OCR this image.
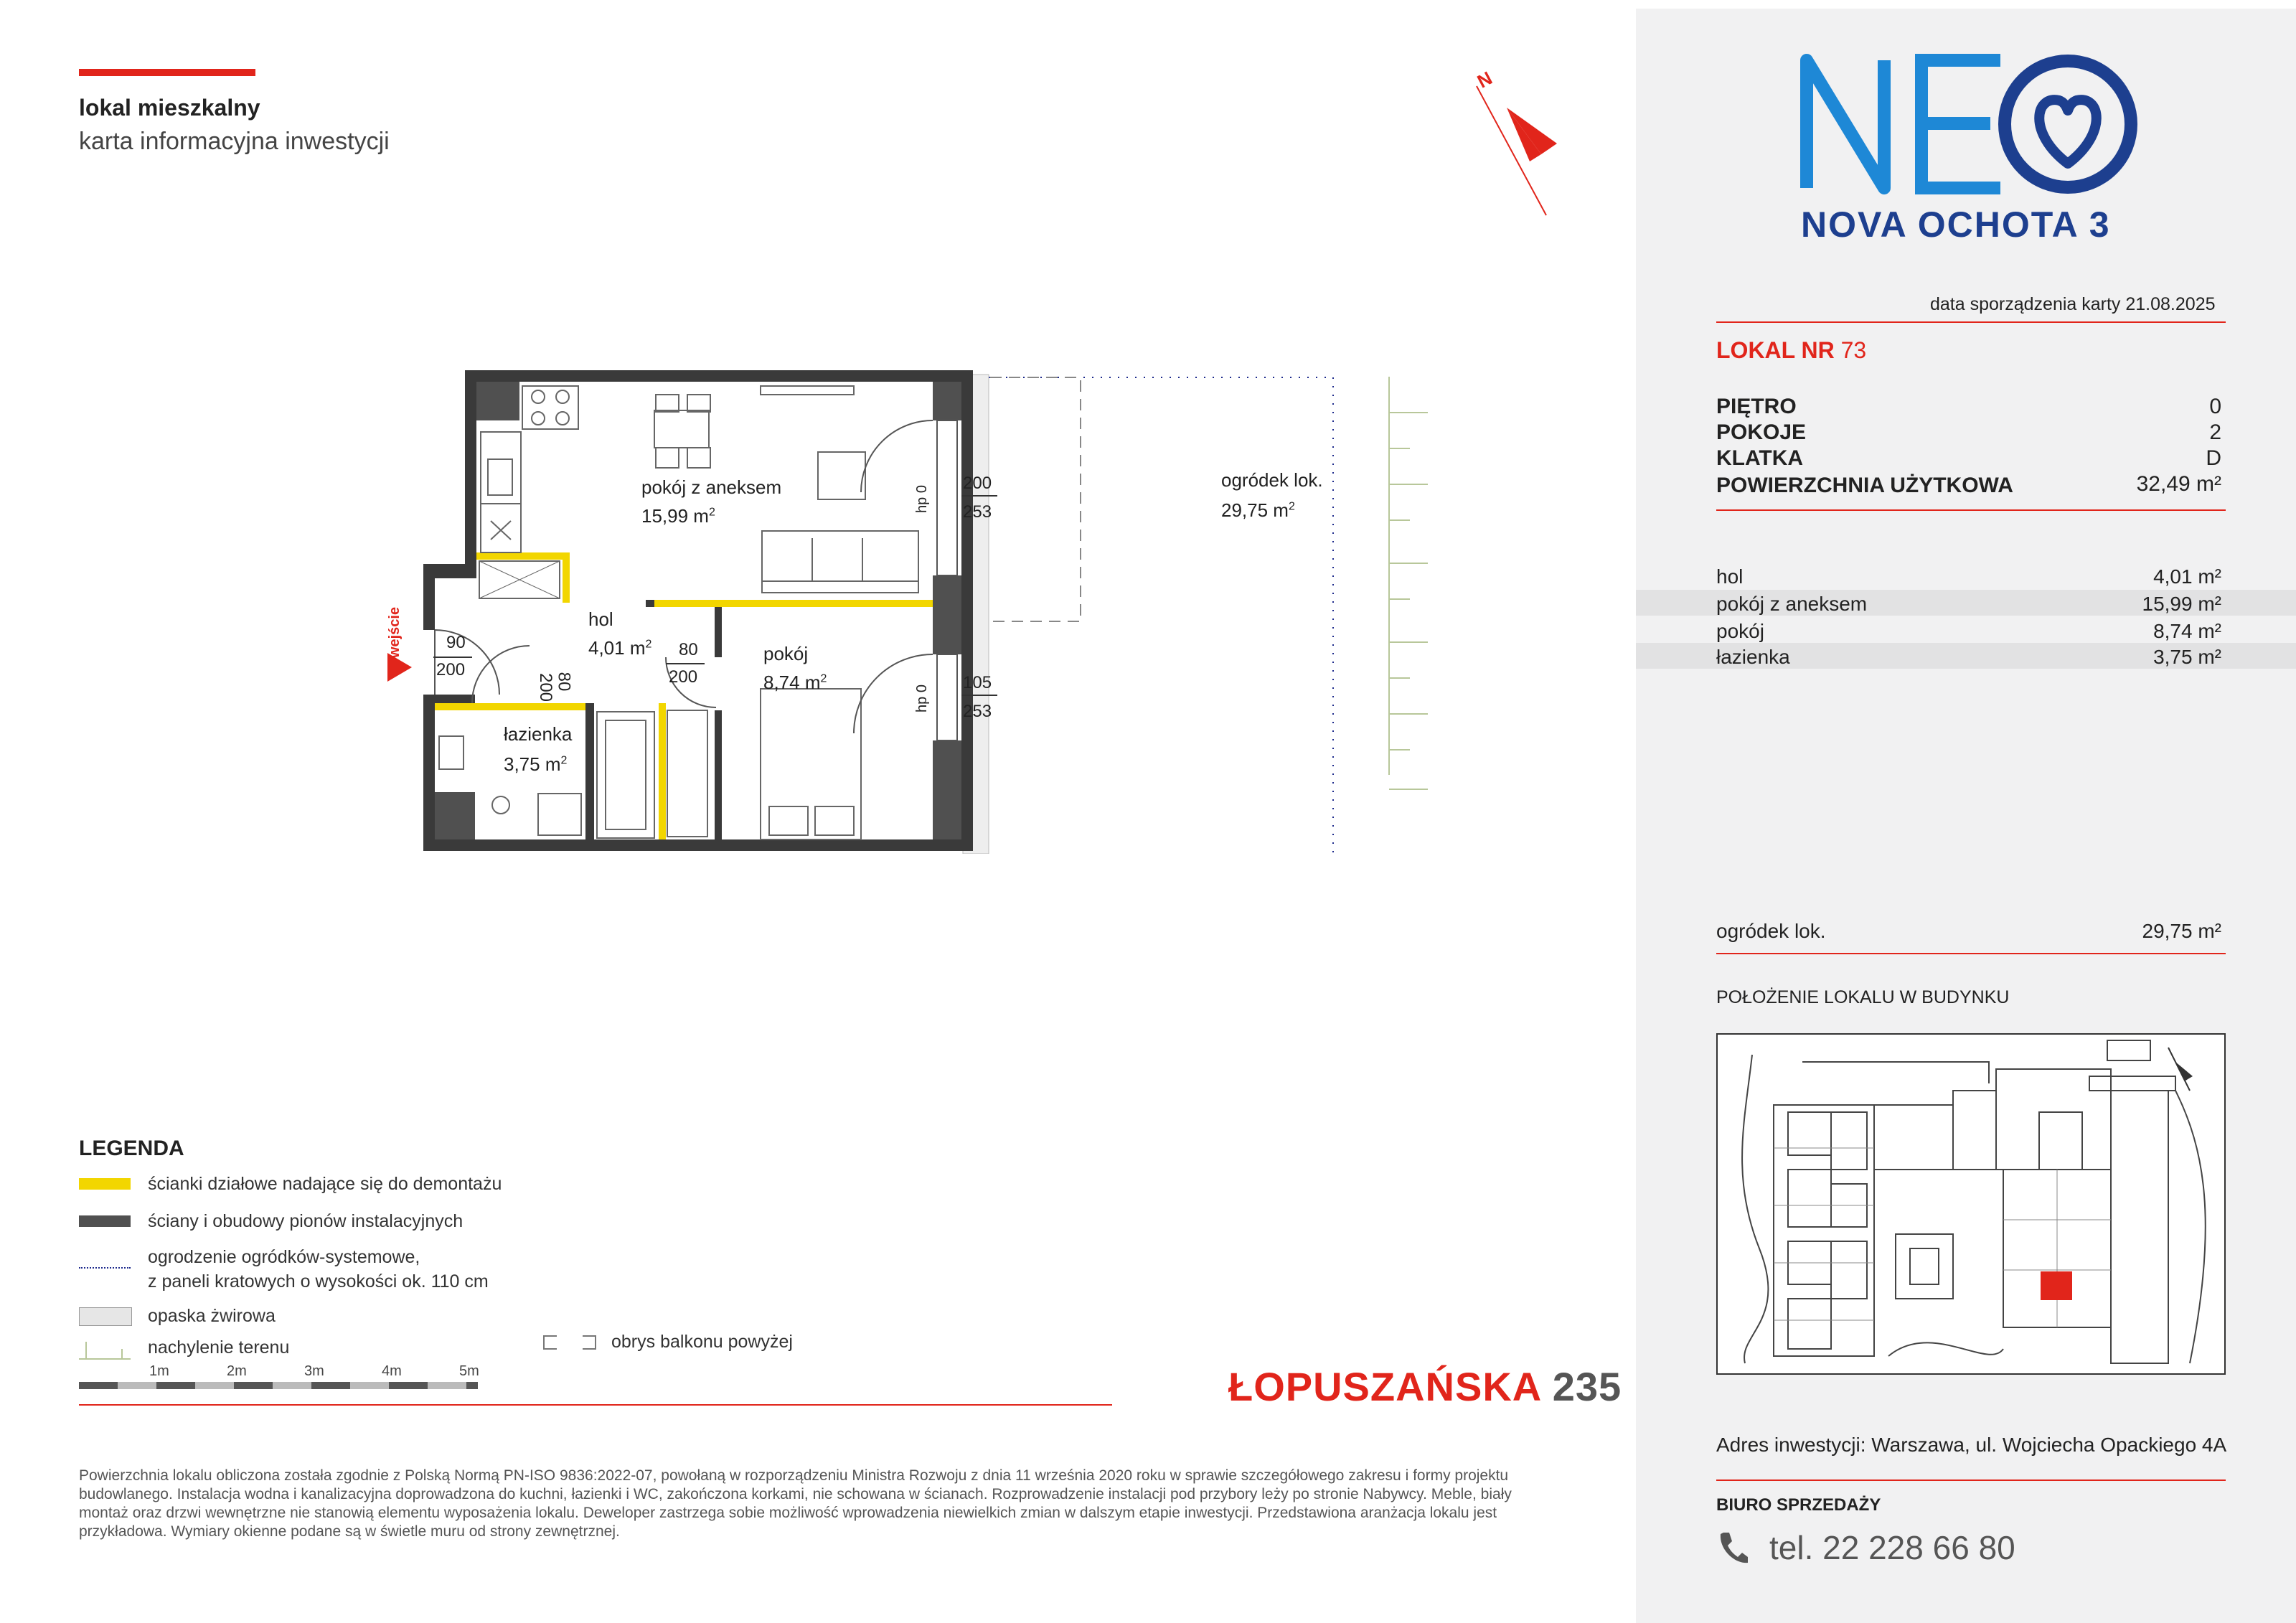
lokal mieszkalny
karta informacyjna inwestycji
N
wejście
pokój z aneksem
15,99 $m^2$
ogródek lok.
29,75 $m^2$
hol
4,01 $m^2$	pokój
8,74 $m^2$
łazienka
3,75 $m^2$
90
200
80
200
80
200
200
253
hp 0
105
253
hp 0
LEGENDA
ścianki działowe nadające się do demontażu
ściany i obudowy pionów instalacyjnych
ogrodzenie ogródków-systemowe,
z paneli kratowych o wysokości ok. 110 cm
opaska żwirowa
nachylenie terenu	obrys balkonu powyżej
1m	2m	3m	4m	5m	ŁOPUSZAŃSKA 235
Powierzchnia lokalu obliczona została zgodnie z Polską Normą PN-ISO 9836:2022-07, powołaną w rozporządzeniu Ministra Rozwoju z dnia 11 września 2020 roku w sprawie szczegółowego zakresu i formy projektu budowlanego. Instalacja wodna i kanalizacyjna doprowadzona do kuchni, łazienki i WC, zakończona korkami, nie schowana w ścianach. Rozprowadzenie instalacji pod przybory leży po stronie Nabywcy. Meble, biały montaż oraz drzwi wewnętrzne nie stanowią elementu wyposażenia lokalu. Deweloper zastrzega sobie możliwość wprowadzenia niewielkich zmian w dalszym etapie inwestycji. Przedstawiona aranżacja lokalu jest przykładowa. Wymiary okienne podane są w świetle muru od strony zewnętrznej.
NOVA OCHOTA 3
data sporządzenia karty 21.08.2025
LOKAL NR 73
PIĘTRO	0
POKOJE	2
KLATKA	D
POWIERZCHNIA UŻYTKOWA	32,49 m²
hol	4,01 m²
pokój z aneksem	15,99 m²
pokój	8,74 m²
łazienka	3,75 m²
ogródek lok.	29,75 m²
POŁOŻENIE LOKALU W BUDYNKU
Adres inwestycji: Warszawa, ul. Wojciecha Opackiego 4A
BIURO SPRZEDAŻY
tel. 22 228 66 80
